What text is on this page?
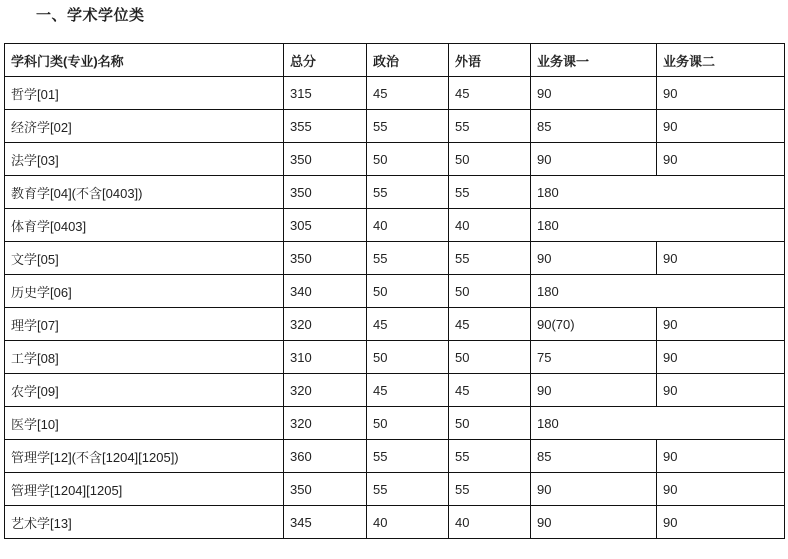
一、学术学位类
学科门类(专业)名称	总分	政治	外语	业务课一	业务课二
哲学[01]	315	45	45	90	90
经济学[02]	355	55	55	85	90
法学[03]	350	50	50	90	90
教育学[04](不含[0403])	350	55	55	180	
体育学[0403]	305	40	40	180	
文学[05]	350	55	55	90	90
历史学[06]	340	50	50	180	
理学[07]	320	45	45	90(70)	90
工学[08]	310	50	50	75	90
农学[09]	320	45	45	90	90
医学[10]	320	50	50	180	
管理学[12](不含[1204][1205])	360	55	55	85	90
管理学[1204][1205]	350	55	55	90	90
艺术学[13]	345	40	40	90	90
